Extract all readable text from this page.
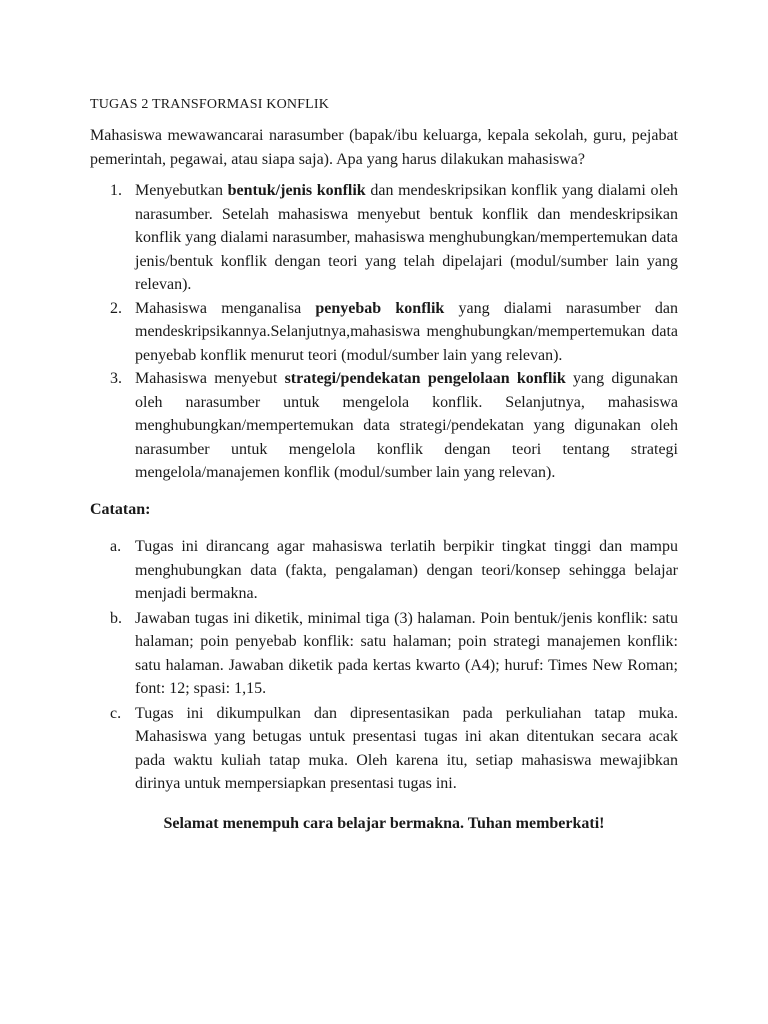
TUGAS 2 TRANSFORMASI KONFLIK

Mahasiswa mewawancarai narasumber (bapak/ibu keluarga, kepala sekolah, guru, pejabat pemerintah, pegawai, atau siapa saja). Apa yang harus dilakukan mahasiswa?

1. Menyebutkan bentuk/jenis konflik dan mendeskripsikan konflik yang dialami oleh narasumber. Setelah mahasiswa menyebut bentuk konflik dan mendeskripsikan konflik yang dialami narasumber, mahasiswa menghubungkan/mempertemukan data jenis/bentuk konflik dengan teori yang telah dipelajari (modul/sumber lain yang relevan).
2. Mahasiswa menganalisa penyebab konflik yang dialami narasumber dan mendeskripsikannya.Selanjutnya,mahasiswa menghubungkan/mempertemukan data penyebab konflik menurut teori (modul/sumber lain yang relevan).
3. Mahasiswa menyebut strategi/pendekatan pengelolaan konflik yang digunakan oleh narasumber untuk mengelola konflik. Selanjutnya, mahasiswa menghubungkan/mempertemukan data strategi/pendekatan yang digunakan oleh narasumber untuk mengelola konflik dengan teori tentang strategi mengelola/manajemen konflik (modul/sumber lain yang relevan).
Catatan:
a. Tugas ini dirancang agar mahasiswa terlatih berpikir tingkat tinggi dan mampu menghubungkan data (fakta, pengalaman) dengan teori/konsep sehingga belajar menjadi bermakna.
b. Jawaban tugas ini diketik, minimal tiga (3) halaman. Poin bentuk/jenis konflik: satu halaman; poin penyebab konflik: satu halaman; poin strategi manajemen konflik: satu halaman. Jawaban diketik pada kertas kwarto (A4); huruf: Times New Roman; font: 12; spasi: 1,15.
c. Tugas ini dikumpulkan dan dipresentasikan pada perkuliahan tatap muka. Mahasiswa yang betugas untuk presentasi tugas ini akan ditentukan secara acak pada waktu kuliah tatap muka. Oleh karena itu, setiap mahasiswa mewajibkan dirinya untuk mempersiapkan presentasi tugas ini.
Selamat menempuh cara belajar bermakna. Tuhan memberkati!
